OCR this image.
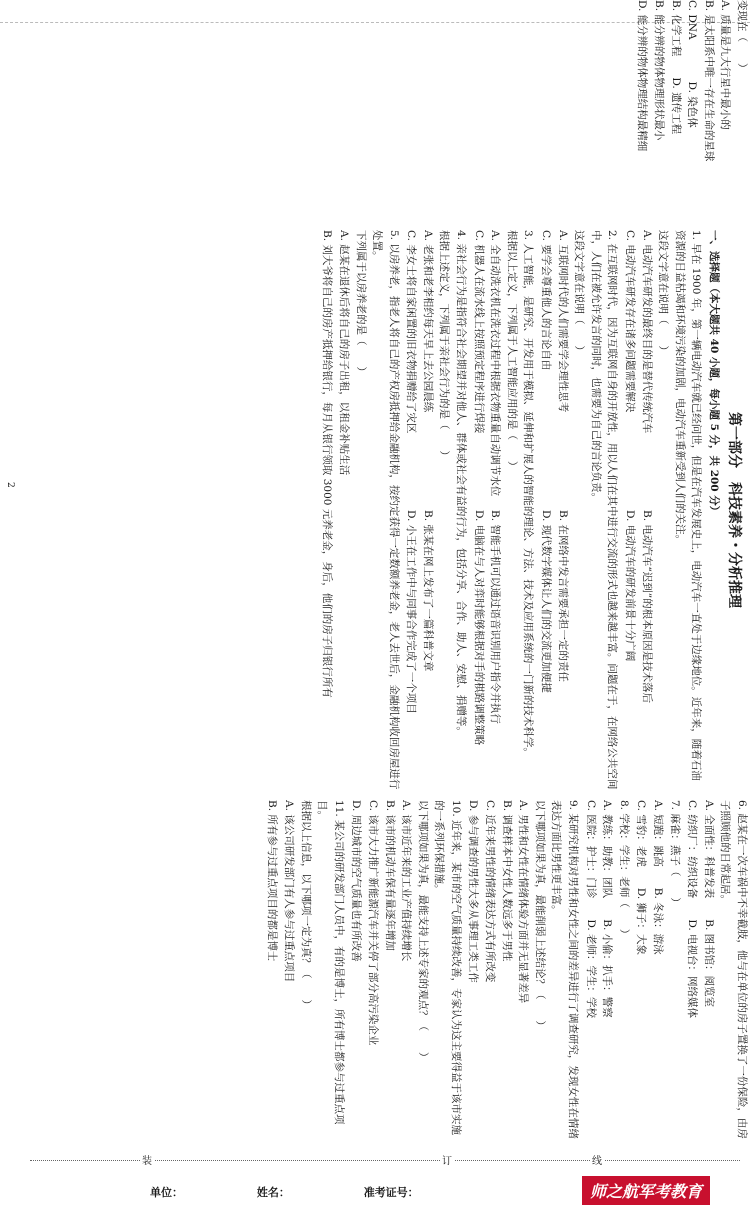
变现在（　　）

A. 质量是九大行星中最小的

B. 是太阳系中唯一存在生命的星球

C. DNA　　　　D. 染色体

B. 化学工程　　D. 遗传工程

B. 能分辨的物体物理形状最小

D. 能分辨的物体物理结构最精细

第一部分　科技素养・分析推理

一、选择题（本大题共 40 小题，每小题 5 分，共 200 分）

1. 早在 1900 年，第一辆电动汽车就已经问世，但是在汽车发展史上，电动汽车一直处于边缘地位。近年来，随着石油资源的日益枯竭和环境污染的加剧，电动汽车重新受到人们的关注。

这段文字意在说明（　　）

A. 电动汽车研发的最终目的是替代传统汽车
B. 电动汽车“迟到”的根本原因是技术落后
C. 电动汽车研发存在诸多问题需要解决
D. 电动汽车的研发前景十分广阔

2. 在互联网时代，因为互联网自身的开放性，用以人们在其中进行交流的形式也越来越丰富。问题在于，在网络公共空间中，人们在被允许发言的同时，也需要为自己的言论负责。

这段文字意在说明（　　）

A. 互联网时代的人们需要学会理性思考
B. 在网络中发言需要承担一定的责任
C. 要学会尊重他人的言论自由
D. 现代数字媒体让人们的交流更加便捷

3. 人工智能，是研究、开发用于模拟、延伸和扩展人的智能的理论、方法、技术及应用系统的一门新的技术科学。

根据以上定义，下列属于人工智能应用的是（　　）

A. 全自动洗衣机在洗衣过程中根据衣物重量自动调节水位
B. 智能手机可以通过语音识别用户指令并执行
C. 机器人在流水线上按照预定程序进行焊接
D. 电脑在与人对弈时能够根据对手的棋路调整策略

4. 亲社会行为是指符合社会期望并对他人、群体或社会有益的行为，包括分享、合作、助人、安慰、捐赠等。

根据上述定义，下列属于亲社会行为的是（　　）

A. 老张和老李相约每天早上去公园晨练
B. 张某在网上发布了一篇科普文章
C. 李女士将自家闲置的旧衣物捐赠给了灾区
D. 小王在工作中与同事合作完成了一个项目

5. 以房养老，指老人将自己的产权房抵押给金融机构，按约定获得一定数额养老金，老人去世后，金融机构收回房屋进行处置。

下列属于以房养老的是（　　）

A. 赵某在退休后将自己的房子出租，以租金补贴生活

B. 刘大爷将自己的房产抵押给银行，每月从银行领取 3000 元养老金，身后，他们的房子归银行所有

2

6. 赵某在一次车祸中不幸截肢，他与在单位的房子置换了一份保险，由房子照顾他的日常起居。

A. 全面性：科普发表　　B. 图书馆：阅览室

C. 纺织厂：纺织设备　　D. 电视台：网络媒体

7. 麻雀：燕子（　　）

A. 短跑：跳高　　B. 冬泳：游泳

C. 雪豹：老虎　　D. 狮子：大象

8. 学校：学生：老师（　　）

A. 教练：助教：团队　　B. 小偷：扒手：警察

C. 医院：护士：门诊　　D. 老师：学生：学校

9. 某研究机构对男性和女性之间的差异进行了调查研究，发现女性在情绪表达方面比男性更丰富。

以下哪项如果为真，最能削弱上述结论？（　　）

A. 男性和女性在情绪体验方面并无显著差异

B. 调查样本中女性人数远多于男性

C. 近年来男性的情绪表达方式有所改变

D. 参与调查的男性大多从事理工类工作

10. 近年来，某市的空气质量持续改善，专家认为这主要得益于该市实施的一系列环保措施。

以下哪项如果为真，最能支持上述专家的观点？（　　）

A. 该市近年来的工业产值持续增长

B. 该市的机动车保有量逐年增加

C. 该市大力推广新能源汽车并关停了部分高污染企业

D. 周边城市的空气质量也有所改善

11. 某公司的研发部门人员中，有的是博士，所有博士都参与过重点项目。

根据以上信息，以下哪项一定为真？（　　）

A. 该公司研发部门有人参与过重点项目

B. 所有参与过重点项目的都是博士

装	订	线
单位：	姓名：	准考证号：	师之航军考教育
